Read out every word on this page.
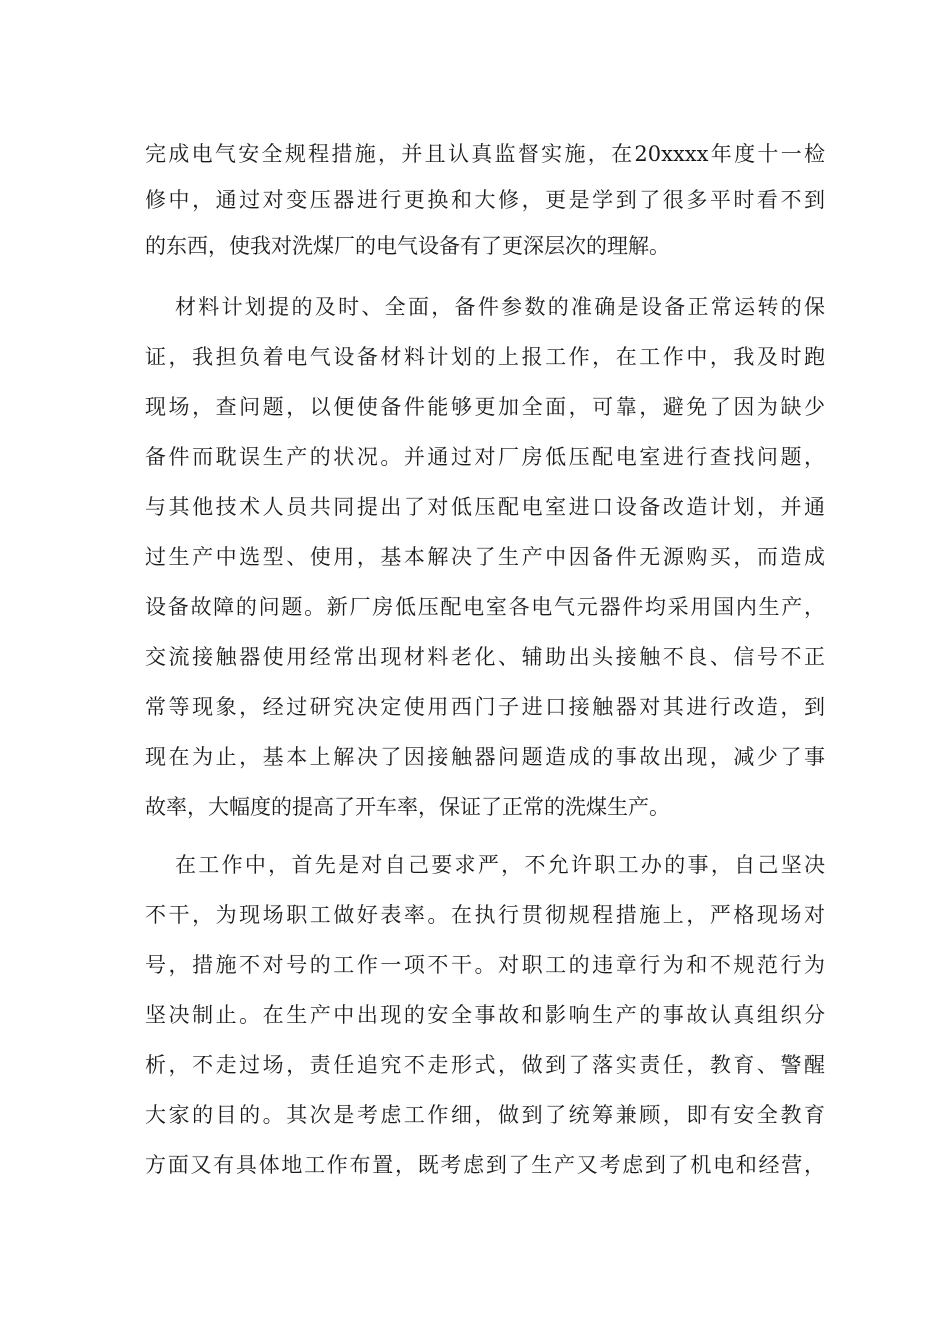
完成电气安全规程措施，并且认真监督实施，在20xxxx年度十一检
修中，通过对变压器进行更换和大修，更是学到了很多平时看不到
的东西，使我对洗煤厂的电气设备有了更深层次的理解。
材料计划提的及时、全面，备件参数的准确是设备正常运转的保
证，我担负着电气设备材料计划的上报工作，在工作中，我及时跑
现场，查问题，以便使备件能够更加全面，可靠，避免了因为缺少
备件而耽误生产的状况。并通过对厂房低压配电室进行查找问题，
与其他技术人员共同提出了对低压配电室进口设备改造计划，并通
过生产中选型、使用，基本解决了生产中因备件无源购买，而造成
设备故障的问题。新厂房低压配电室各电气元器件均采用国内生产，
交流接触器使用经常出现材料老化、辅助出头接触不良、信号不正
常等现象，经过研究决定使用西门子进口接触器对其进行改造，到
现在为止，基本上解决了因接触器问题造成的事故出现，减少了事
故率，大幅度的提高了开车率，保证了正常的洗煤生产。
在工作中，首先是对自己要求严，不允许职工办的事，自己坚决
不干，为现场职工做好表率。在执行贯彻规程措施上，严格现场对
号，措施不对号的工作一项不干。对职工的违章行为和不规范行为
坚决制止。在生产中出现的安全事故和影响生产的事故认真组织分
析，不走过场，责任追究不走形式，做到了落实责任，教育、警醒
大家的目的。其次是考虑工作细，做到了统筹兼顾，即有安全教育
方面又有具体地工作布置，既考虑到了生产又考虑到了机电和经营，
